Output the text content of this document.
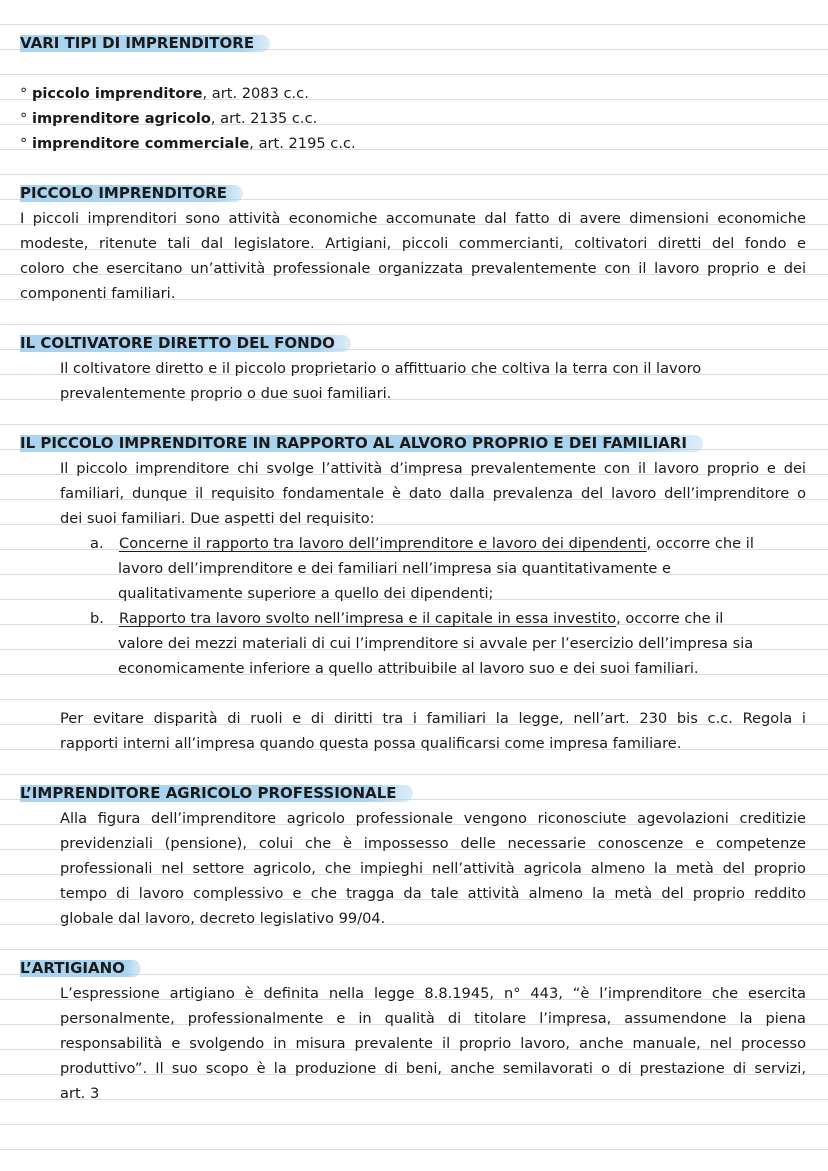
VARI TIPI DI IMPRENDITORE
° piccolo imprenditore, art. 2083 c.c.
° imprenditore agricolo, art. 2135 c.c.
° imprenditore commerciale, art. 2195 c.c.
PICCOLO IMPRENDITORE
I piccoli imprenditori sono attività economiche accomunate dal fatto di avere dimensioni economiche
modeste, ritenute tali dal legislatore. Artigiani, piccoli commercianti, coltivatori diretti del fondo e
coloro che esercitano un’attività professionale organizzata prevalentemente con il lavoro proprio e dei
componenti familiari.
IL COLTIVATORE DIRETTO DEL FONDO
Il coltivatore diretto e il piccolo proprietario o affittuario che coltiva la terra con il lavoro
prevalentemente proprio o due suoi familiari.
IL PICCOLO IMPRENDITORE IN RAPPORTO AL ALVORO PROPRIO E DEI FAMILIARI
Il piccolo imprenditore chi svolge l’attività d’impresa prevalentemente con il lavoro proprio e dei
familiari, dunque il requisito fondamentale è dato dalla prevalenza del lavoro dell’imprenditore o
dei suoi familiari. Due aspetti del requisito:
a. Concerne il rapporto tra lavoro dell’imprenditore e lavoro dei dipendenti, occorre che il
lavoro dell’imprenditore e dei familiari nell’impresa sia quantitativamente e
qualitativamente superiore a quello dei dipendenti;
b. Rapporto tra lavoro svolto nell’impresa e il capitale in essa investito, occorre che il
valore dei mezzi materiali di cui l’imprenditore si avvale per l’esercizio dell’impresa sia
economicamente inferiore a quello attribuibile al lavoro suo e dei suoi familiari.
Per evitare disparità di ruoli e di diritti tra i familiari la legge, nell’art. 230 bis c.c. Regola i
rapporti interni all’impresa quando questa possa qualificarsi come impresa familiare.
L’IMPRENDITORE AGRICOLO PROFESSIONALE
Alla figura dell’imprenditore agricolo professionale vengono riconosciute agevolazioni creditizie
previdenziali (pensione), colui che è impossesso delle necessarie conoscenze e competenze
professionali nel settore agricolo, che impieghi nell’attività agricola almeno la metà del proprio
tempo di lavoro complessivo e che tragga da tale attività almeno la metà del proprio reddito
globale dal lavoro, decreto legislativo 99/04.
L’ARTIGIANO
L’espressione artigiano è definita nella legge 8.8.1945, n° 443, “è l’imprenditore che esercita
personalmente, professionalmente e in qualità di titolare l’impresa, assumendone la piena
responsabilità e svolgendo in misura prevalente il proprio lavoro, anche manuale, nel processo
produttivo”. Il suo scopo è la produzione di beni, anche semilavorati o di prestazione di servizi,
art. 3
